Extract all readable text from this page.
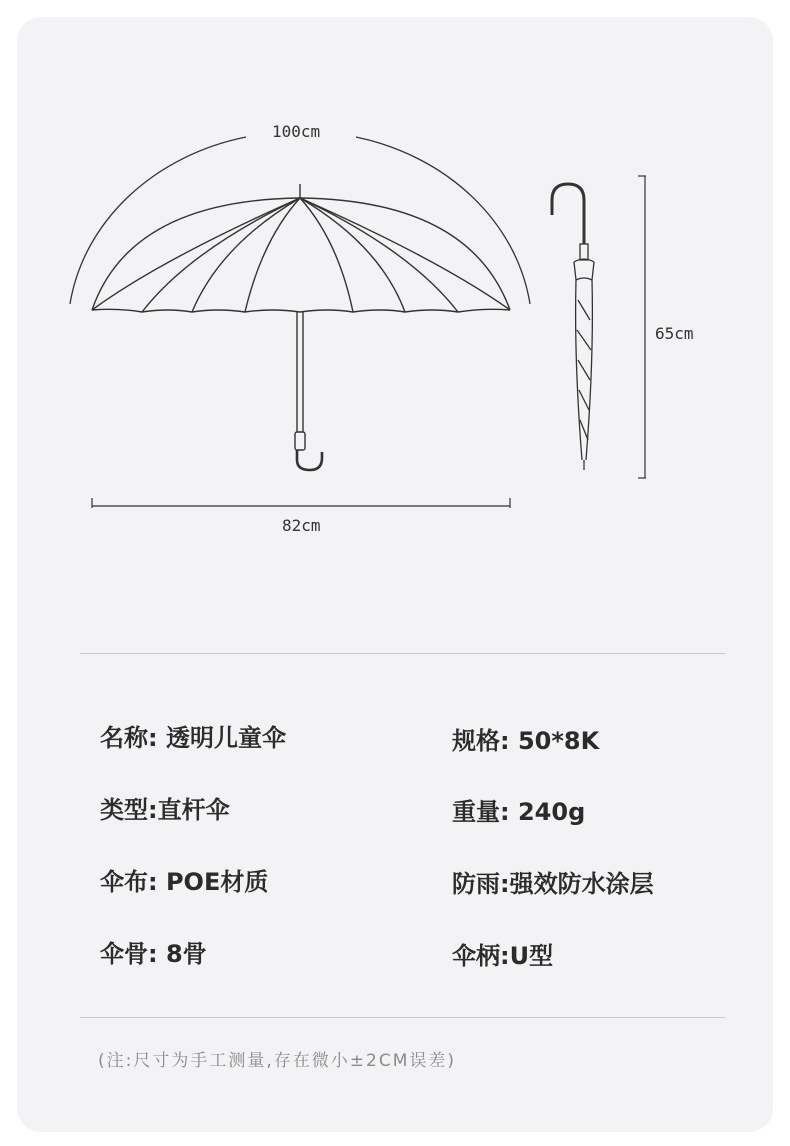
100cm
82cm
65cm
名称: 透明儿童伞	规格: 50*8K
类型:直杆伞	重量: 240g
伞布: POE材质	防雨:强效防水涂层
伞骨: 8骨	伞柄:U型
(注:尺寸为手工测量,存在微小±2CM误差)
